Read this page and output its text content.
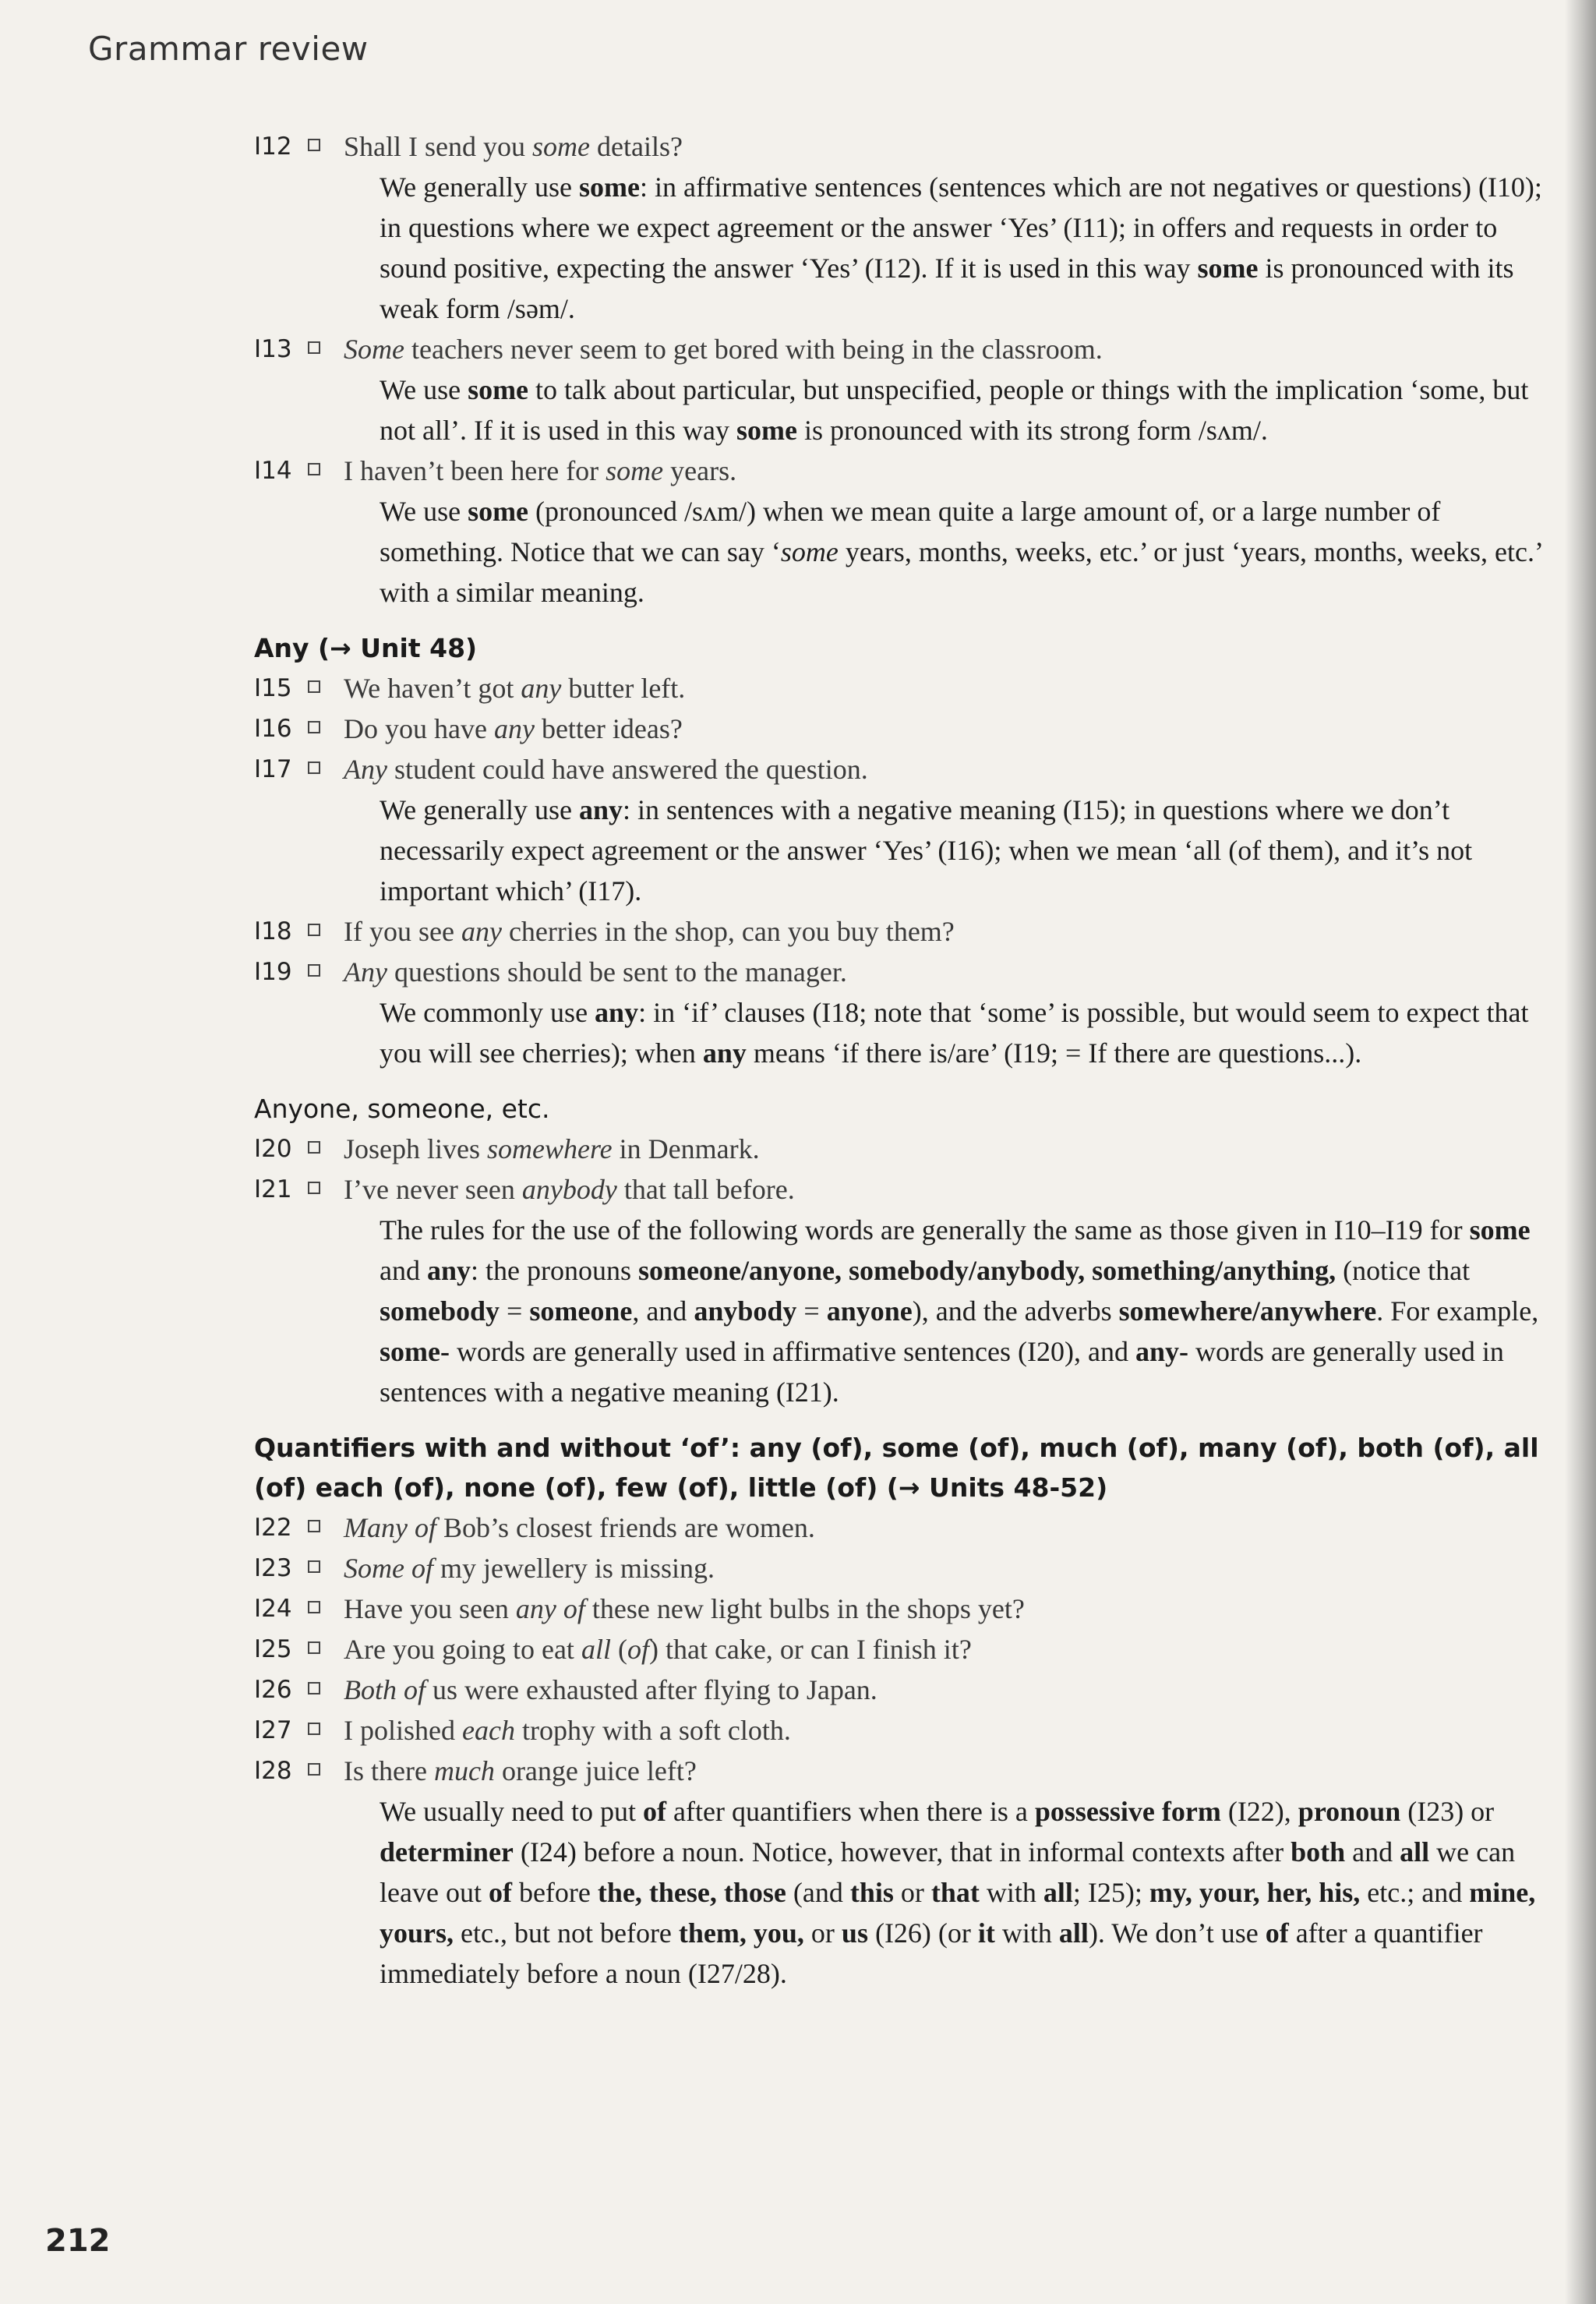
Grammar review
I12 Shall I send you some details?
We generally use some: in affirmative sentences (sentences which are not negatives or questions) (I10); in questions where we expect agreement or the answer ‘Yes’ (I11); in offers and requests in order to sound positive, expecting the answer ‘Yes’ (I12). If it is used in this way some is pronounced with its weak form /səm/.
I13 Some teachers never seem to get bored with being in the classroom.
We use some to talk about particular, but unspecified, people or things with the implication ‘some, but not all’. If it is used in this way some is pronounced with its strong form /sʌm/.
I14 I haven’t been here for some years.
We use some (pronounced /sʌm/) when we mean quite a large amount of, or a large number of something. Notice that we can say ‘some years, months, weeks, etc.’ or just ‘years, months, weeks, etc.’ with a similar meaning.
Any (→ Unit 48)
I15 We haven’t got any butter left.
I16 Do you have any better ideas?
I17 Any student could have answered the question.
We generally use any: in sentences with a negative meaning (I15); in questions where we don’t necessarily expect agreement or the answer ‘Yes’ (I16); when we mean ‘all (of them), and it’s not important which’ (I17).
I18 If you see any cherries in the shop, can you buy them?
I19 Any questions should be sent to the manager.
We commonly use any: in ‘if’ clauses (I18; note that ‘some’ is possible, but would seem to expect that you will see cherries); when any means ‘if there is/are’ (I19; = If there are questions...).
Anyone, someone, etc.
I20 Joseph lives somewhere in Denmark.
I21 I’ve never seen anybody that tall before.
The rules for the use of the following words are generally the same as those given in I10–I19 for some and any: the pronouns someone/anyone, somebody/anybody, something/anything, (notice that somebody = someone, and anybody = anyone), and the adverbs somewhere/anywhere. For example, some- words are generally used in affirmative sentences (I20), and any- words are generally used in sentences with a negative meaning (I21).
Quantifiers with and without ‘of’: any (of), some (of), much (of), many (of), both (of), all (of) each (of), none (of), few (of), little (of) (→ Units 48-52)
I22 Many of Bob’s closest friends are women.
I23 Some of my jewellery is missing.
I24 Have you seen any of these new light bulbs in the shops yet?
I25 Are you going to eat all (of) that cake, or can I finish it?
I26 Both of us were exhausted after flying to Japan.
I27 I polished each trophy with a soft cloth.
I28 Is there much orange juice left?
We usually need to put of after quantifiers when there is a possessive form (I22), pronoun (I23) or determiner (I24) before a noun. Notice, however, that in informal contexts after both and all we can leave out of before the, these, those (and this or that with all; I25); my, your, her, his, etc.; and mine, yours, etc., but not before them, you, or us (I26) (or it with all). We don’t use of after a quantifier immediately before a noun (I27/28).
212
